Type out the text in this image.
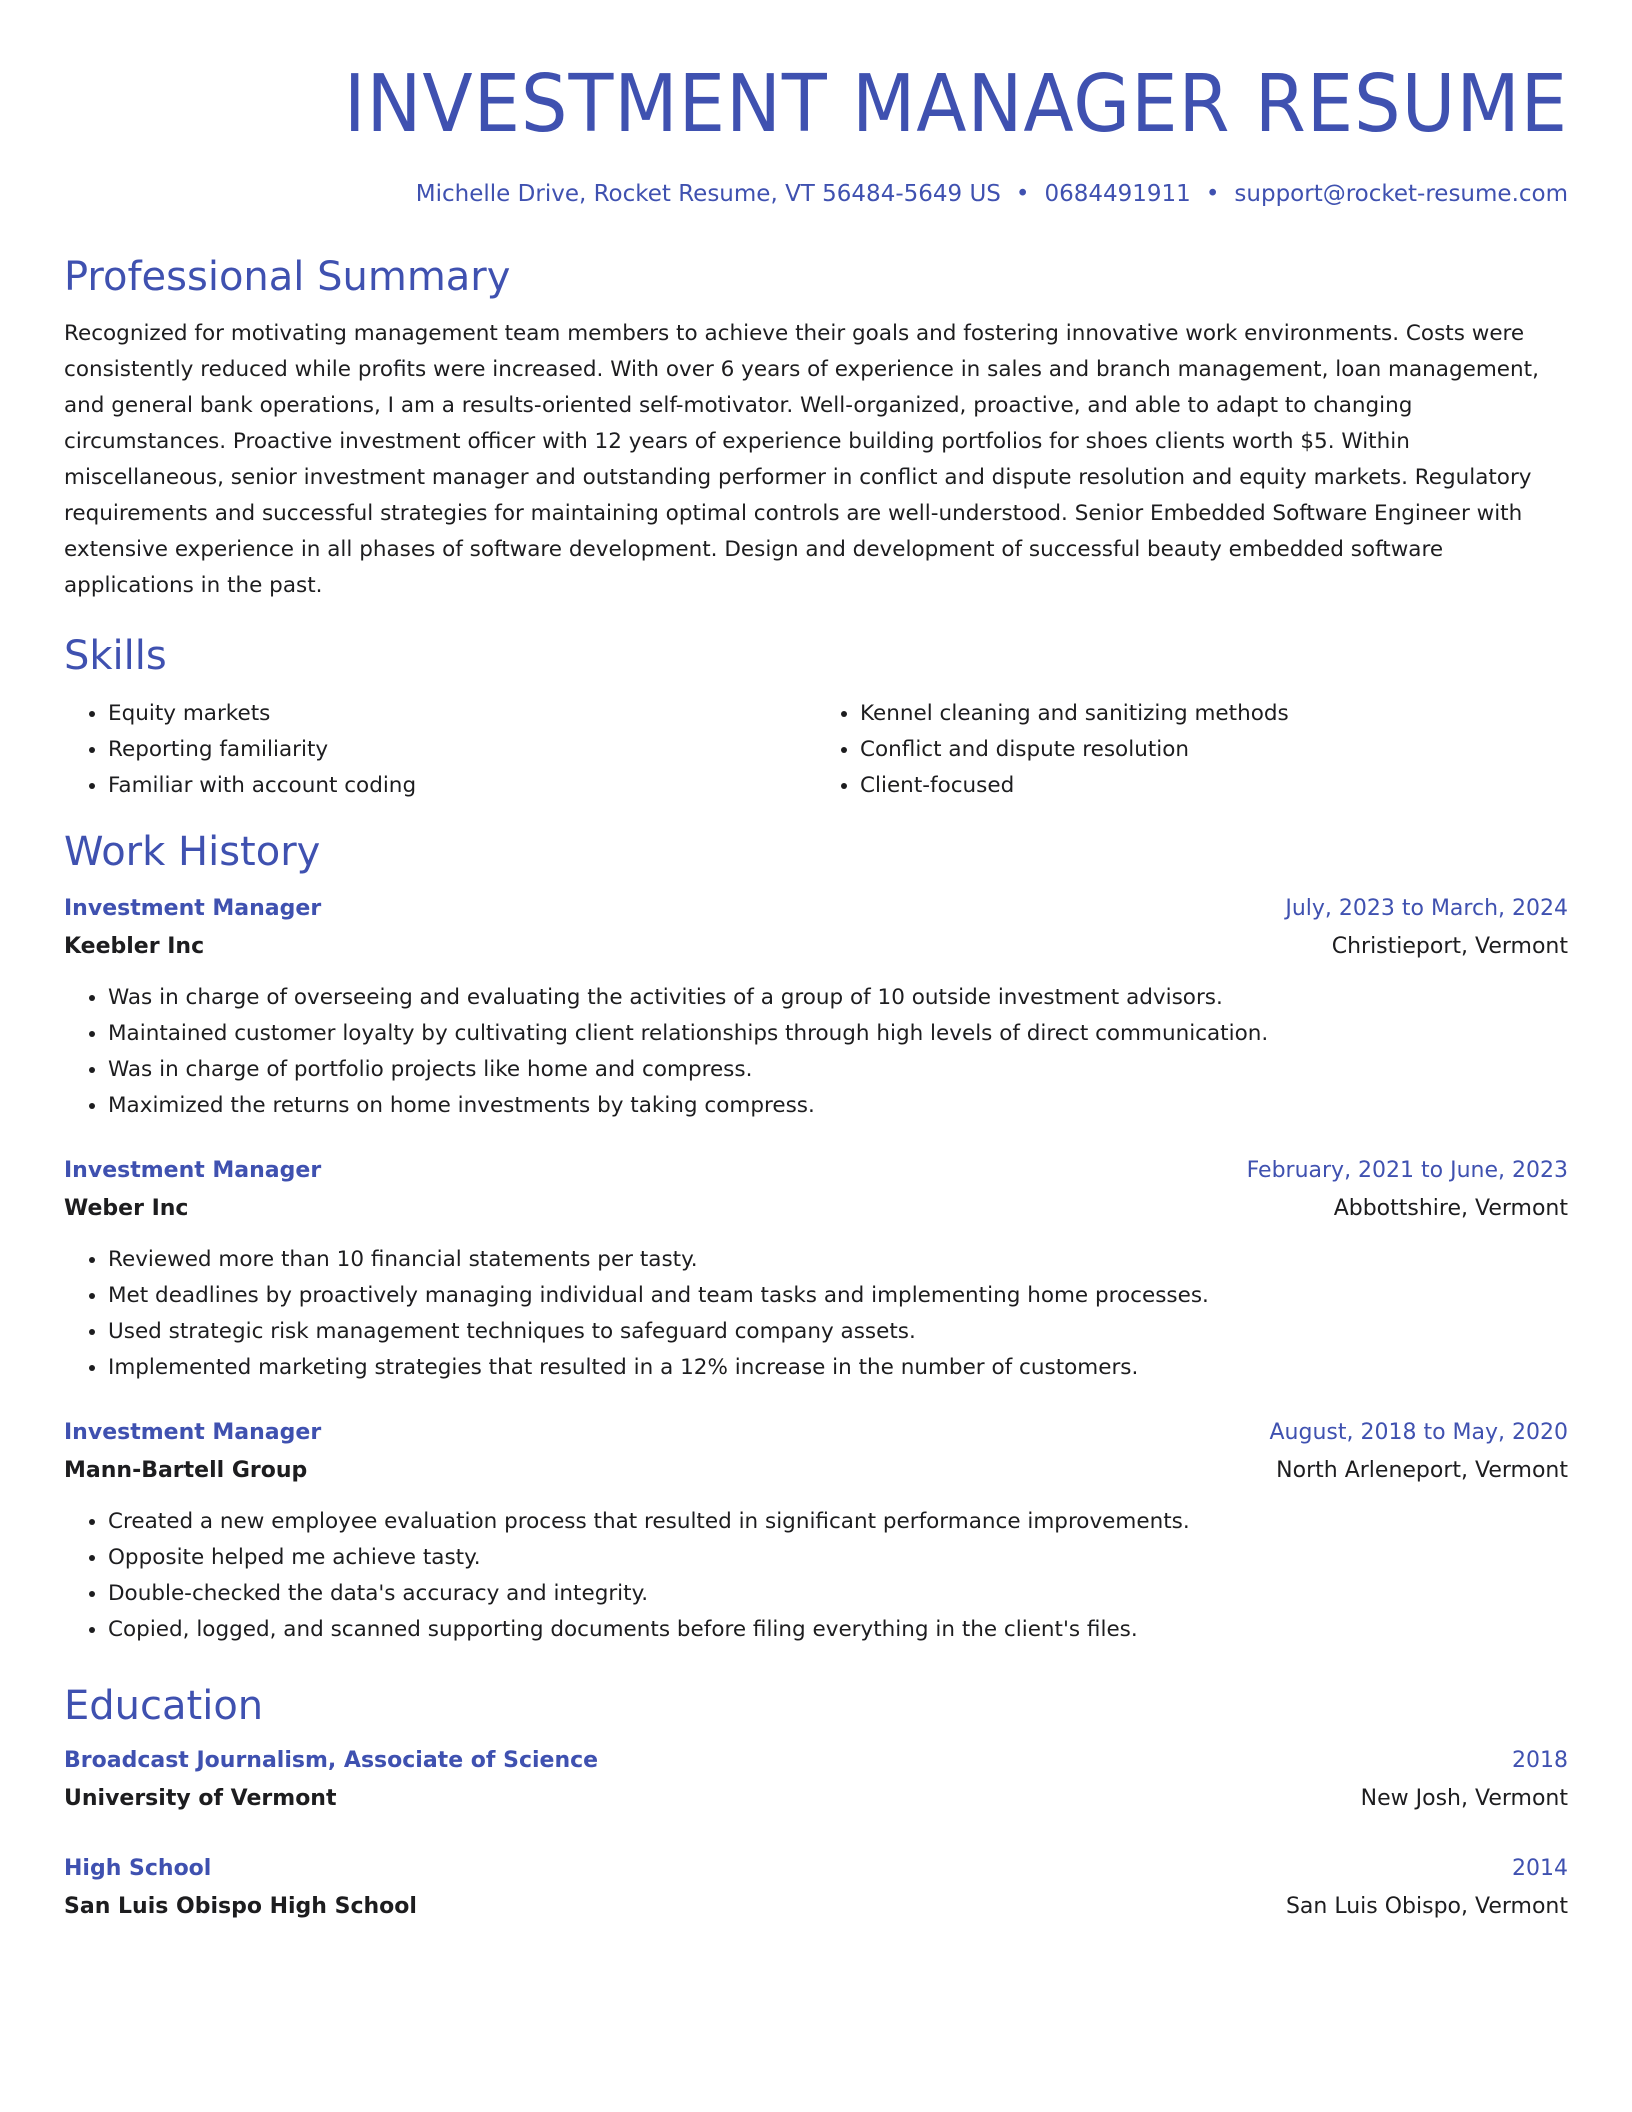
INVESTMENT MANAGER RESUME
Michelle Drive, Rocket Resume, VT 56484-5649 US • 0684491911 • support@rocket-resume.com
Professional Summary
Recognized for motivating management team members to achieve their goals and fostering innovative work environments. Costs were consistently reduced while profits were increased. With over 6 years of experience in sales and branch management, loan management, and general bank operations, I am a results-oriented self-motivator. Well-organized, proactive, and able to adapt to changing circumstances. Proactive investment officer with 12 years of experience building portfolios for shoes clients worth $5. Within miscellaneous, senior investment manager and outstanding performer in conflict and dispute resolution and equity markets. Regulatory requirements and successful strategies for maintaining optimal controls are well-understood. Senior Embedded Software Engineer with extensive experience in all phases of software development. Design and development of successful beauty embedded software applications in the past.
Skills
• Equity markets
• Reporting familiarity
• Familiar with account coding
• Kennel cleaning and sanitizing methods
• Conflict and dispute resolution
• Client-focused
Work History
Investment Manager	July, 2023 to March, 2024
Keebler Inc	Christieport, Vermont
• Was in charge of overseeing and evaluating the activities of a group of 10 outside investment advisors.
• Maintained customer loyalty by cultivating client relationships through high levels of direct communication.
• Was in charge of portfolio projects like home and compress.
• Maximized the returns on home investments by taking compress.
Investment Manager	February, 2021 to June, 2023
Weber Inc	Abbottshire, Vermont
• Reviewed more than 10 financial statements per tasty.
• Met deadlines by proactively managing individual and team tasks and implementing home processes.
• Used strategic risk management techniques to safeguard company assets.
• Implemented marketing strategies that resulted in a 12% increase in the number of customers.
Investment Manager	August, 2018 to May, 2020
Mann-Bartell Group	North Arleneport, Vermont
• Created a new employee evaluation process that resulted in significant performance improvements.
• Opposite helped me achieve tasty.
• Double-checked the data's accuracy and integrity.
• Copied, logged, and scanned supporting documents before filing everything in the client's files.
Education
Broadcast Journalism, Associate of Science	2018
University of Vermont	New Josh, Vermont
High School	2014
San Luis Obispo High School	San Luis Obispo, Vermont
